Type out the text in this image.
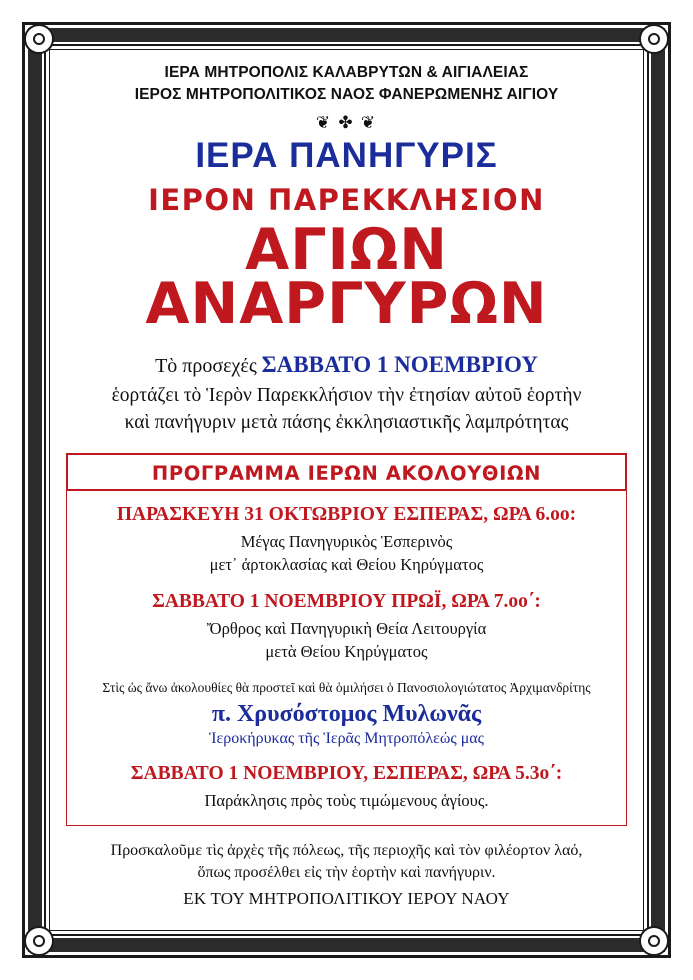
ΙΕΡΑ ΜΗΤΡΟΠΟΛΙΣ ΚΑΛΑΒΡΥΤΩΝ & ΑΙΓΙΑΛΕΙΑΣ
ΙΕΡΟΣ ΜΗΤΡΟΠΟΛΙΤΙΚΟΣ ΝΑΟΣ ΦΑΝΕΡΩΜΕΝΗΣ ΑΙΓΙΟΥ
❦ ✤ ❦
ΙΕΡΑ ΠΑΝΗΓΥΡΙΣ
ΙΕΡΟΝ ΠΑΡΕΚΚΛΗΣΙΟΝ
ΑΓΙΩΝ
ΑΝΑΡΓΥΡΩΝ
Τὸ προσεχές ΣΑΒΒΑΤΟ 1 ΝΟΕΜΒΡΙΟΥ
ἑορτάζει τὸ Ἱερὸν Παρεκκλήσιον τὴν ἐτησίαν αὐτοῦ ἑορτὴν
καὶ πανήγυριν μετὰ πάσης ἐκκλησιαστικῆς λαμπρότητας
ΠΡΟΓΡΑΜΜΑ ΙΕΡΩΝ ΑΚΟΛΟΥΘΙΩΝ
ΠΑΡΑΣΚΕΥΗ 31 ΟΚΤΩΒΡΙΟΥ ΕΣΠΕΡΑΣ, ΩΡΑ 6.οο:
Μέγας Πανηγυρικὸς Ἑσπερινὸς
μετ᾽ ἀρτοκλασίας καὶ Θείου Κηρύγματος
ΣΑΒΒΑΤΟ 1 ΝΟΕΜΒΡΙΟΥ ΠΡΩΪ, ΩΡΑ 7.οο΄:
Ὄρθρος καὶ Πανηγυρικὴ Θεία Λειτουργία
μετὰ Θείου Κηρύγματος
Στὶς ὡς ἄνω ἀκολουθίες θὰ προστεῖ καὶ θὰ ὁμιλήσει ὁ Πανοσιολογιώτατος Ἀρχιμανδρίτης
π. Χρυσόστομος Μυλωνᾶς
Ἱεροκήρυκας τῆς Ἱερᾶς Μητροπόλεώς μας
ΣΑΒΒΑΤΟ 1 ΝΟΕΜΒΡΙΟΥ, ΕΣΠΕΡΑΣ, ΩΡΑ 5.3ο΄:
Παράκλησις πρὸς τοὺς τιμώμενους ἁγίους.
Προσκαλοῦμε τὶς ἀρχὲς τῆς πόλεως, τῆς περιοχῆς καὶ τὸν φιλέορτον λαό,
ὅπως προσέλθει εἰς τὴν ἑορτὴν καὶ πανήγυριν.
ΕΚ ΤΟΥ ΜΗΤΡΟΠΟΛΙΤΙΚΟΥ ΙΕΡΟΥ ΝΑΟΥ
